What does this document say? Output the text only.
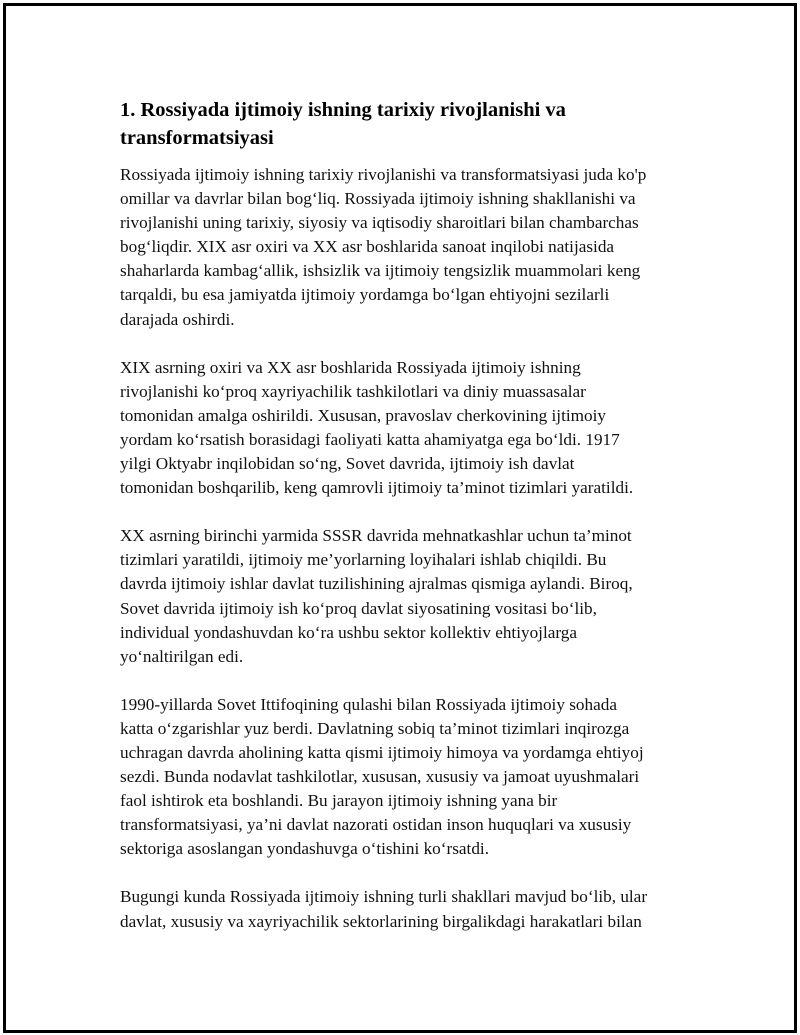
1. Rossiyada ijtimoiy ishning tarixiy rivojlanishi va
transformatsiyasi

Rossiyada ijtimoiy ishning tarixiy rivojlanishi va transformatsiyasi juda ko'p
omillar va davrlar bilan bog‘liq. Rossiyada ijtimoiy ishning shakllanishi va
rivojlanishi uning tarixiy, siyosiy va iqtisodiy sharoitlari bilan chambarchas
bog‘liqdir. XIX asr oxiri va XX asr boshlarida sanoat inqilobi natijasida
shaharlarda kambag‘allik, ishsizlik va ijtimoiy tengsizlik muammolari keng
tarqaldi, bu esa jamiyatda ijtimoiy yordamga bo‘lgan ehtiyojni sezilarli
darajada oshirdi.

XIX asrning oxiri va XX asr boshlarida Rossiyada ijtimoiy ishning
rivojlanishi ko‘proq xayriyachilik tashkilotlari va diniy muassasalar
tomonidan amalga oshirildi. Xususan, pravoslav cherkovining ijtimoiy
yordam ko‘rsatish borasidagi faoliyati katta ahamiyatga ega bo‘ldi. 1917
yilgi Oktyabr inqilobidan so‘ng, Sovet davrida, ijtimoiy ish davlat
tomonidan boshqarilib, keng qamrovli ijtimoiy ta’minot tizimlari yaratildi.

XX asrning birinchi yarmida SSSR davrida mehnatkashlar uchun ta’minot
tizimlari yaratildi, ijtimoiy me’yorlarning loyihalari ishlab chiqildi. Bu
davrda ijtimoiy ishlar davlat tuzilishining ajralmas qismiga aylandi. Biroq,
Sovet davrida ijtimoiy ish ko‘proq davlat siyosatining vositasi bo‘lib,
individual yondashuvdan ko‘ra ushbu sektor kollektiv ehtiyojlarga
yo‘naltirilgan edi.

1990-yillarda Sovet Ittifoqining qulashi bilan Rossiyada ijtimoiy sohada
katta o‘zgarishlar yuz berdi. Davlatning sobiq ta’minot tizimlari inqirozga
uchragan davrda aholining katta qismi ijtimoiy himoya va yordamga ehtiyoj
sezdi. Bunda nodavlat tashkilotlar, xususan, xususiy va jamoat uyushmalari
faol ishtirok eta boshlandi. Bu jarayon ijtimoiy ishning yana bir
transformatsiyasi, ya’ni davlat nazorati ostidan inson huquqlari va xususiy
sektoriga asoslangan yondashuvga o‘tishini ko‘rsatdi.

Bugungi kunda Rossiyada ijtimoiy ishning turli shakllari mavjud bo‘lib, ular
davlat, xususiy va xayriyachilik sektorlarining birgalikdagi harakatlari bilan
